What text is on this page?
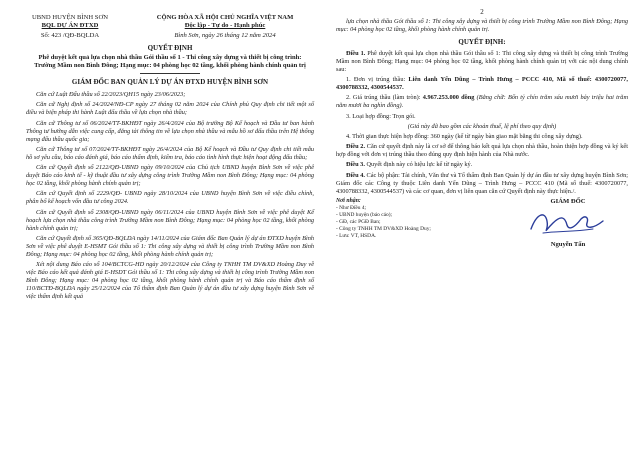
UBND HUYỆN BÌNH SƠN
BQL DỰ ÁN ĐTXD
CỘNG HÒA XÃ HỘI CHỦ NGHĨA VIỆT NAM
Độc lập - Tự do - Hạnh phúc
Số: 423 /QĐ-BQLDA	Bình Sơn, ngày 26 tháng 12 năm 2024
QUYẾT ĐỊNH
Phê duyệt kết quả lựa chọn nhà thầu Gói thầu số 1 - Thi công xây dựng và thiết bị công trình: Trường Mầm non Bình Đông; Hạng mục: 04 phòng học 02 tầng, khối phòng hành chính quản trị
GIÁM ĐỐC BAN QUẢN LÝ DỰ ÁN ĐTXD HUYỆN BÌNH SƠN

Căn cứ Luật Đấu thầu số 22/2023/QH15 ngày 23/06/2023;

Căn cứ Nghị định số 24/2024/NĐ-CP ngày 27 tháng 02 năm 2024 của Chính phủ Quy định chi tiết một số điều và biện pháp thi hành Luật đấu thầu về lựa chọn nhà thầu;

Căn cứ Thông tư số 06/2024/TT-BKHĐT ngày 26/4/2024 của Bộ trưởng Bộ Kế hoạch và Đầu tư ban hành Thông tư hướng dẫn việc cung cấp, đăng tải thông tin về lựa chọn nhà thầu và mẫu hồ sơ đấu thầu trên Hệ thống mạng đấu thầu quốc gia;

Căn cứ Thông tư số 07/2024/TT-BKHĐT ngày 26/4/2024 của Bộ Kế hoạch và Đầu tư Quy định chi tiết mẫu hồ sơ yêu cầu, báo cáo đánh giá, báo cáo thẩm định, kiểm tra, báo cáo tình hình thực hiện hoạt động đấu thầu;

Căn cứ Quyết định số 2122/QĐ-UBND ngày 09/10/2024 của Chủ tịch UBND huyện Bình Sơn về việc phê duyệt Báo cáo kinh tế - kỹ thuật đầu tư xây dựng công trình Trường Mầm non Bình Đông; Hạng mục: 04 phòng học 02 tầng, khối phòng hành chính quản trị;

Căn cứ Quyết định số 2229/QĐ- UBND ngày 28/10/2024 của UBND huyện Bình Sơn về việc điều chỉnh, phân bổ kế hoạch vốn đầu tư công 2024.

Căn cứ Quyết định số 2308/QĐ-UBND ngày 06/11/2024 của UBND huyện Bình Sơn về việc phê duyệt Kế hoạch lựa chọn nhà thầu công trình Trường Mầm non Bình Đông; Hạng mục: 04 phòng học 02 tầng, khối phòng hành chính quản trị;

Căn cứ Quyết định số 365/QĐ-BQLDA ngày 14/11/2024 của Giám đốc Ban Quản lý dự án ĐTXD huyện Bình Sơn về việc phê duyệt E-HSMT Gói thầu số 1: Thi công xây dựng và thiết bị công trình Trường Mầm non Bình Đông; Hạng mục: 04 phòng học 02 tầng, khối phòng hành chính quản trị;

Xét nội dung Báo cáo số 104/BCTCG-HD ngày 20/12/2024 của Công ty TNHH TM DV&XD Hoàng Duy về việc Báo cáo kết quả đánh giá E-HSDT Gói thầu số 1: Thi công xây dựng và thiết bị công trình Trường Mầm non Bình Đông; Hạng mục: 04 phòng học 02 tầng, khối phòng hành chính quản trị và Báo cáo thẩm định số 110/BCTĐ-BQLDA ngày 25/12/2024 của Tổ thẩm định Ban Quản lý dự án đầu tư xây dựng huyện Bình Sơn về việc thẩm định kết quả

2

lựa chọn nhà thầu Gói thầu số 1: Thi công xây dựng và thiết bị công trình Trường Mầm non Bình Đông; Hạng mục: 04 phòng học 02 tầng, khối phòng hành chính quản trị.

QUYẾT ĐỊNH:

Điều 1. Phê duyệt kết quả lựa chọn nhà thầu Gói thầu số 1: Thi công xây dựng và thiết bị công trình Trường Mầm non Bình Đông; Hạng mục: 04 phòng học 02 tầng, khối phòng hành chính quản trị với các nội dung chính sau:

1. Đơn vị trúng thầu: Liên danh Yến Dũng – Trình Hưng – PCCC 410, Mã số thuế: 4300720077, 4300788332, 4300544537.

2. Giá trúng thầu (làm tròn): 4.967.253.000 đồng (Bằng chữ: Bốn tỷ chín trăm sáu mươi bảy triệu hai trăm năm mươi ba nghìn đồng).

3. Loại hợp đồng: Trọn gói.

(Giá này đã bao gồm các khoản thuế, lệ phí theo quy định)

4. Thời gian thực hiện hợp đồng: 360 ngày (kể từ ngày bàn giao mặt bằng thi công xây dựng).

Điều 2. Căn cứ quyết định này là cơ sở để thông báo kết quả lựa chọn nhà thầu, hoàn thiện hợp đồng và ký kết hợp đồng với đơn vị trúng thầu theo đúng quy định hiện hành của Nhà nước.

Điều 3. Quyết định này có hiệu lực kể từ ngày ký.

Điều 4. Các bộ phận: Tài chính, Văn thư và Tổ thẩm định Ban Quản lý dự án đầu tư xây dựng huyện Bình Sơn; Giám đốc các Công ty thuộc Liên danh Yến Dũng – Trình Hưng – PCCC 410 (Mã số thuế: 4300720077, 4300788332, 4300544537) và các cơ quan, đơn vị liên quan căn cứ Quyết định này thực hiện./.

Nơi nhận:
- Như Điều 4;
- UBND huyện (báo cáo);
- GĐ, các PGĐ Ban;
- Công ty TNHH TM DV&XD Hoàng Duy;
- Lưu: VT, HSDA.
GIÁM ĐỐC
Nguyễn Tấn
